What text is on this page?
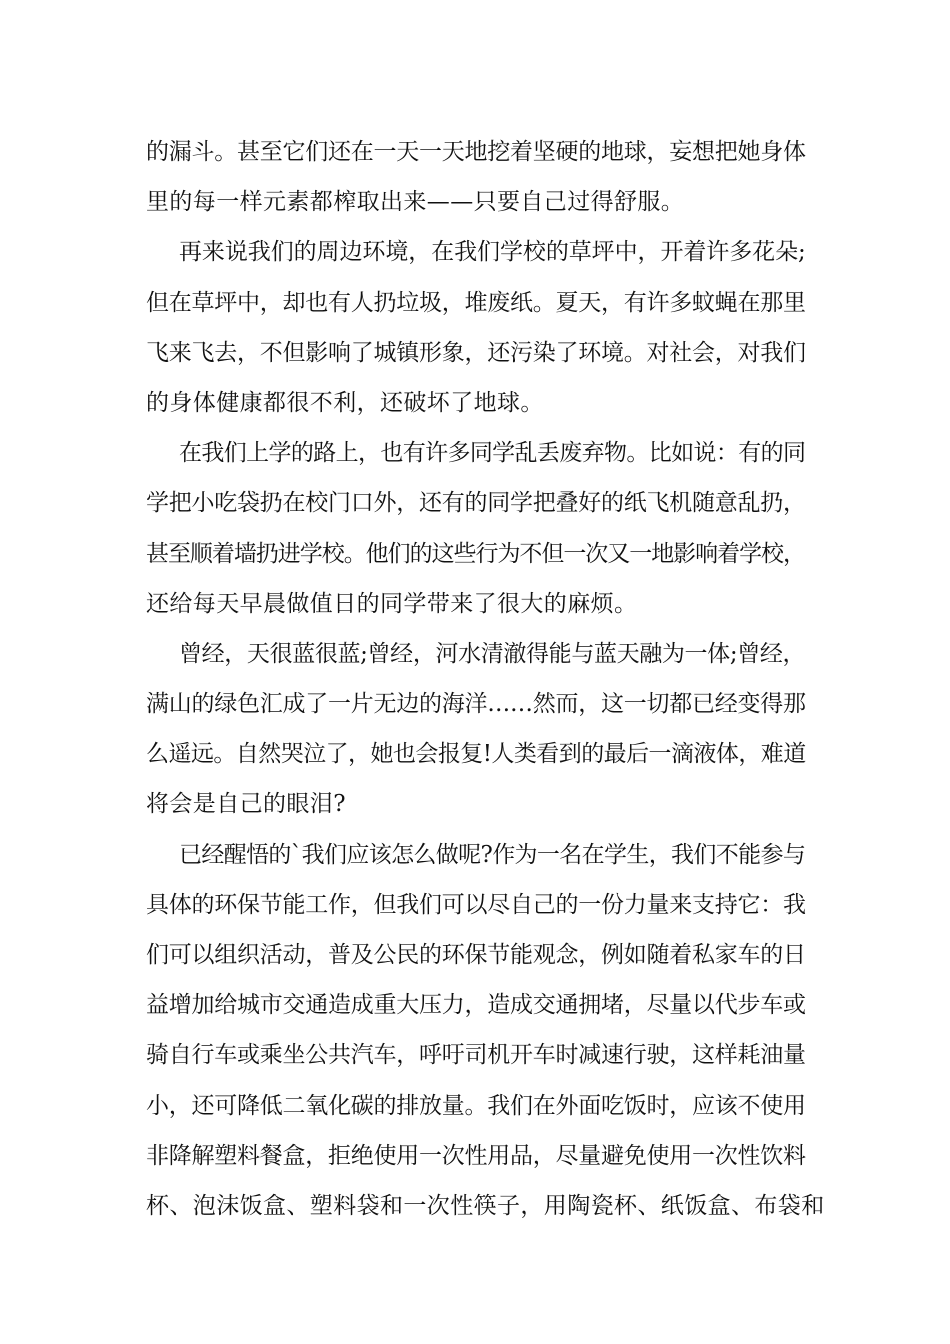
的漏斗。甚至它们还在一天一天地挖着坚硬的地球，妄想把她身体
里的每一样元素都榨取出来——只要自己过得舒服。
再来说我们的周边环境，在我们学校的草坪中，开着许多花朵;
但在草坪中，却也有人扔垃圾，堆废纸。夏天，有许多蚊蝇在那里
飞来飞去，不但影响了城镇形象，还污染了环境。对社会，对我们
的身体健康都很不利，还破坏了地球。
在我们上学的路上，也有许多同学乱丢废弃物。比如说：有的同
学把小吃袋扔在校门口外，还有的同学把叠好的纸飞机随意乱扔，
甚至顺着墙扔进学校。他们的这些行为不但一次又一地影响着学校，
还给每天早晨做值日的同学带来了很大的麻烦。
曾经，天很蓝很蓝;曾经，河水清澈得能与蓝天融为一体;曾经，
满山的绿色汇成了一片无边的海洋……然而，这一切都已经变得那
么遥远。自然哭泣了，她也会报复!人类看到的最后一滴液体，难道
将会是自己的眼泪?
已经醒悟的`我们应该怎么做呢?作为一名在学生，我们不能参与
具体的环保节能工作，但我们可以尽自己的一份力量来支持它：我
们可以组织活动，普及公民的环保节能观念，例如随着私家车的日
益增加给城市交通造成重大压力，造成交通拥堵，尽量以代步车或
骑自行车或乘坐公共汽车，呼吁司机开车时减速行驶，这样耗油量
小，还可降低二氧化碳的排放量。我们在外面吃饭时，应该不使用
非降解塑料餐盒，拒绝使用一次性用品，尽量避免使用一次性饮料
杯、泡沫饭盒、塑料袋和一次性筷子，用陶瓷杯、纸饭盒、布袋和
